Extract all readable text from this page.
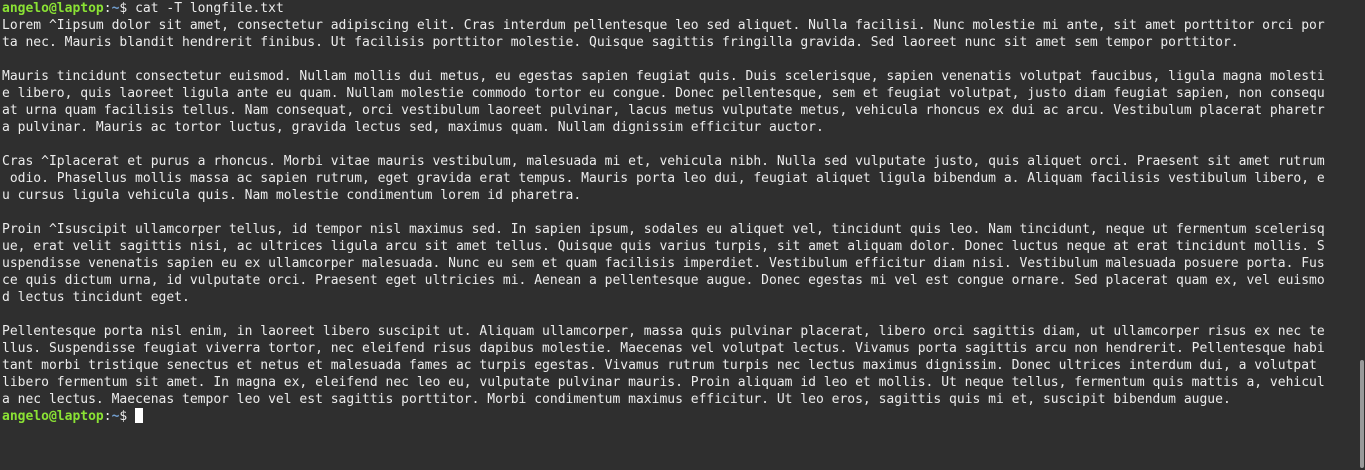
angelo@laptop:~$ cat -T longfile.txt
Lorem ^Iipsum dolor sit amet, consectetur adipiscing elit. Cras interdum pellentesque leo sed aliquet. Nulla facilisi. Nunc molestie mi ante, sit amet porttitor orci por
ta nec. Mauris blandit hendrerit finibus. Ut facilisis porttitor molestie. Quisque sagittis fringilla gravida. Sed laoreet nunc sit amet sem tempor porttitor.
Mauris tincidunt consectetur euismod. Nullam mollis dui metus, eu egestas sapien feugiat quis. Duis scelerisque, sapien venenatis volutpat faucibus, ligula magna molesti
e libero, quis laoreet ligula ante eu quam. Nullam molestie commodo tortor eu congue. Donec pellentesque, sem et feugiat volutpat, justo diam feugiat sapien, non consequ
at urna quam facilisis tellus. Nam consequat, orci vestibulum laoreet pulvinar, lacus metus vulputate metus, vehicula rhoncus ex dui ac arcu. Vestibulum placerat pharetr
a pulvinar. Mauris ac tortor luctus, gravida lectus sed, maximus quam. Nullam dignissim efficitur auctor.
Cras ^Iplacerat et purus a rhoncus. Morbi vitae mauris vestibulum, malesuada mi et, vehicula nibh. Nulla sed vulputate justo, quis aliquet orci. Praesent sit amet rutrum
odio. Phasellus mollis massa ac sapien rutrum, eget gravida erat tempus. Mauris porta leo dui, feugiat aliquet ligula bibendum a. Aliquam facilisis vestibulum libero, e
u cursus ligula vehicula quis. Nam molestie condimentum lorem id pharetra.
Proin ^Isuscipit ullamcorper tellus, id tempor nisl maximus sed. In sapien ipsum, sodales eu aliquet vel, tincidunt quis leo. Nam tincidunt, neque ut fermentum scelerisq
ue, erat velit sagittis nisi, ac ultrices ligula arcu sit amet tellus. Quisque quis varius turpis, sit amet aliquam dolor. Donec luctus neque at erat tincidunt mollis. S
uspendisse venenatis sapien eu ex ullamcorper malesuada. Nunc eu sem et quam facilisis imperdiet. Vestibulum efficitur diam nisi. Vestibulum malesuada posuere porta. Fus
ce quis dictum urna, id vulputate orci. Praesent eget ultricies mi. Aenean a pellentesque augue. Donec egestas mi vel est congue ornare. Sed placerat quam ex, vel euismo
d lectus tincidunt eget.
Pellentesque porta nisl enim, in laoreet libero suscipit ut. Aliquam ullamcorper, massa quis pulvinar placerat, libero orci sagittis diam, ut ullamcorper risus ex nec te
llus. Suspendisse feugiat viverra tortor, nec eleifend risus dapibus molestie. Maecenas vel volutpat lectus. Vivamus porta sagittis arcu non hendrerit. Pellentesque habi
tant morbi tristique senectus et netus et malesuada fames ac turpis egestas. Vivamus rutrum turpis nec lectus maximus dignissim. Donec ultrices interdum dui, a volutpat
libero fermentum sit amet. In magna ex, eleifend nec leo eu, vulputate pulvinar mauris. Proin aliquam id leo et mollis. Ut neque tellus, fermentum quis mattis a, vehicul
a nec lectus. Maecenas tempor leo vel est sagittis porttitor. Morbi condimentum maximus efficitur. Ut leo eros, sagittis quis mi et, suscipit bibendum augue.
angelo@laptop:~$
